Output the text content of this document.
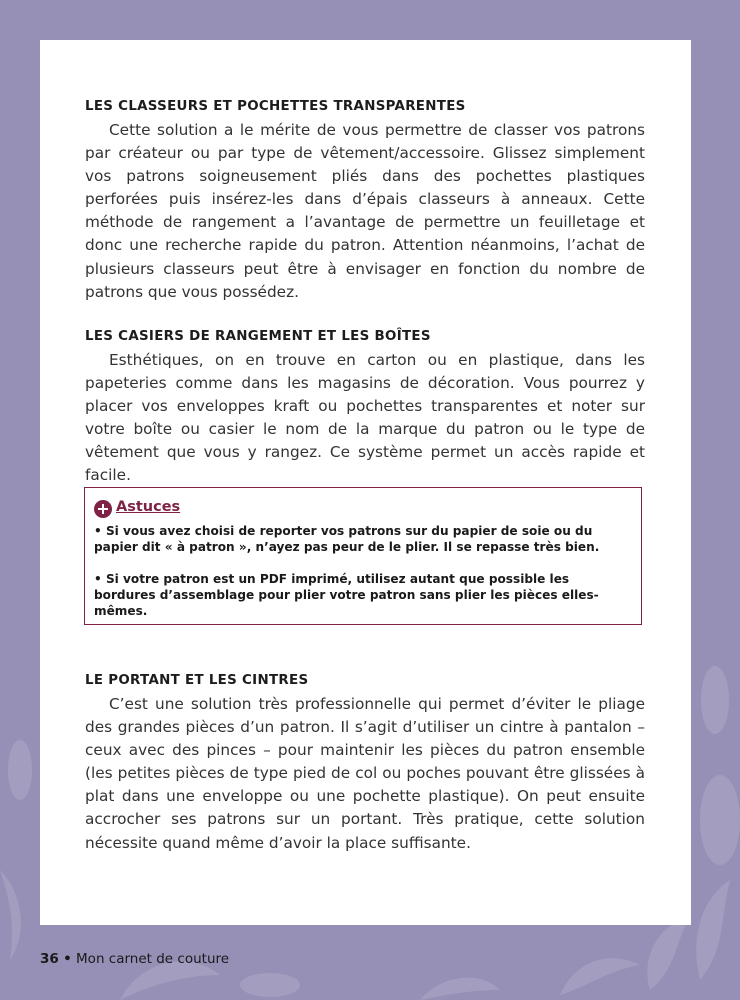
LES CLASSEURS ET POCHETTES TRANSPARENTES

Cette solution a le mérite de vous permettre de classer vos patrons par créateur ou par type de vêtement/accessoire. Glissez simplement vos patrons soigneusement pliés dans des pochettes plastiques perforées puis insérez-les dans d’épais classeurs à anneaux. Cette méthode de rangement a l’avantage de permettre un feuilletage et donc une recherche rapide du patron. Attention néanmoins, l’achat de plusieurs classeurs peut être à envisager en fonction du nombre de patrons que vous possédez.

LES CASIERS DE RANGEMENT ET LES BOÎTES

Esthétiques, on en trouve en carton ou en plastique, dans les papeteries comme dans les magasins de décoration. Vous pourrez y placer vos enveloppes kraft ou pochettes transparentes et noter sur votre boîte ou casier le nom de la marque du patron ou le type de vêtement que vous y rangez. Ce système permet un accès rapide et facile.

Astuces

• Si vous avez choisi de reporter vos patrons sur du papier de soie ou du papier dit « à patron », n’ayez pas peur de le plier. Il se repasse très bien.

• Si votre patron est un PDF imprimé, utilisez autant que possible les bordures d’assemblage pour plier votre patron sans plier les pièces elles-mêmes.

LE PORTANT ET LES CINTRES

C’est une solution très professionnelle qui permet d’éviter le pliage des grandes pièces d’un patron. Il s’agit d’utiliser un cintre à pantalon – ceux avec des pinces – pour maintenir les pièces du patron ensemble (les petites pièces de type pied de col ou poches pouvant être glissées à plat dans une enveloppe ou une pochette plastique). On peut ensuite accrocher ses patrons sur un portant. Très pratique, cette solution nécessite quand même d’avoir la place suffisante.

36 • Mon carnet de couture
